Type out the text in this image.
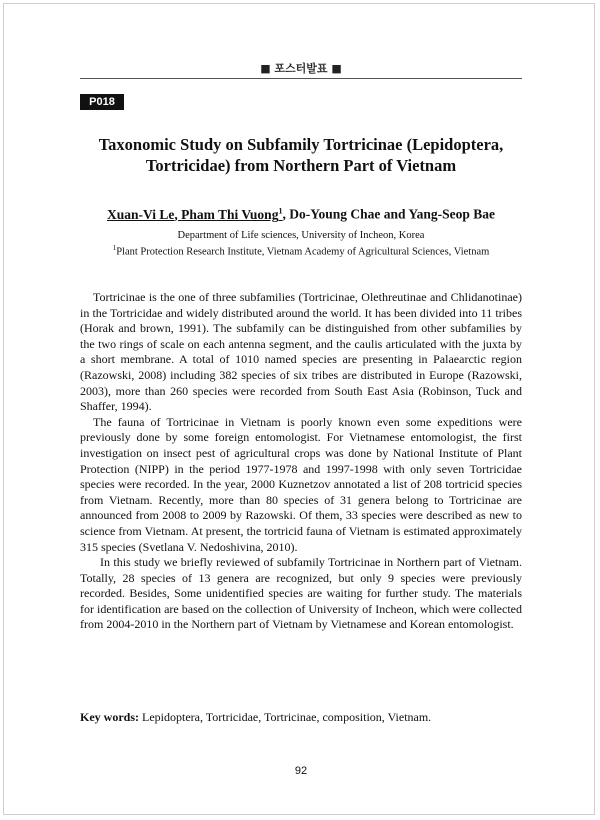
■ 포스터발표 ■
P018
Taxonomic Study on Subfamily Tortricinae (Lepidoptera,
Tortricidae) from Northern Part of Vietnam
Xuan-Vi Le, Pham Thi Vuong$^1$, Do-Young Chae and Yang-Seop Bae
Department of Life sciences, University of Incheon, Korea
$^1$Plant Protection Research Institute, Vietnam Academy of Agricultural Sciences, Vietnam

Tortricinae is the one of three subfamilies (Tortricinae, Olethreutinae and Chlidanotinae) in the Tortricidae and widely distributed around the world. It has been divided into 11 tribes (Horak and brown, 1991). The subfamily can be distinguished from other subfamilies by the two rings of scale on each antenna segment, and the caulis articulated with the juxta by a short membrane. A total of 1010 named species are presenting in Palaearctic region (Razowski, 2008) including 382 species of six tribes are distributed in Europe (Razowski, 2003), more than 260 species were recorded from South East Asia (Robinson, Tuck and Shaffer, 1994).

The fauna of Tortricinae in Vietnam is poorly known even some expeditions were previously done by some foreign entomologist. For Vietnamese entomologist, the first investigation on insect pest of agricultural crops was done by National Institute of Plant Protection (NIPP) in the period 1977-1978 and 1997-1998 with only seven Tortricidae species were recorded. In the year, 2000 Kuznetzov annotated a list of 208 tortricid species from Vietnam. Recently, more than 80 species of 31 genera belong to Tortricinae are announced from 2008 to 2009 by Razowski. Of them, 33 species were described as new to science from Vietnam. At present, the tortricid fauna of Vietnam is estimated approximately 315 species (Svetlana V. Nedoshivina, 2010).

In this study we briefly reviewed of subfamily Tortricinae in Northern part of Vietnam. Totally, 28 species of 13 genera are recognized, but only 9 species were previously recorded. Besides, Some unidentified species are waiting for further study. The materials for identification are based on the collection of University of Incheon, which were collected from 2004-2010 in the Northern part of Vietnam by Vietnamese and Korean entomologist.

Key words: Lepidoptera, Tortricidae, Tortricinae, composition, Vietnam.
92
